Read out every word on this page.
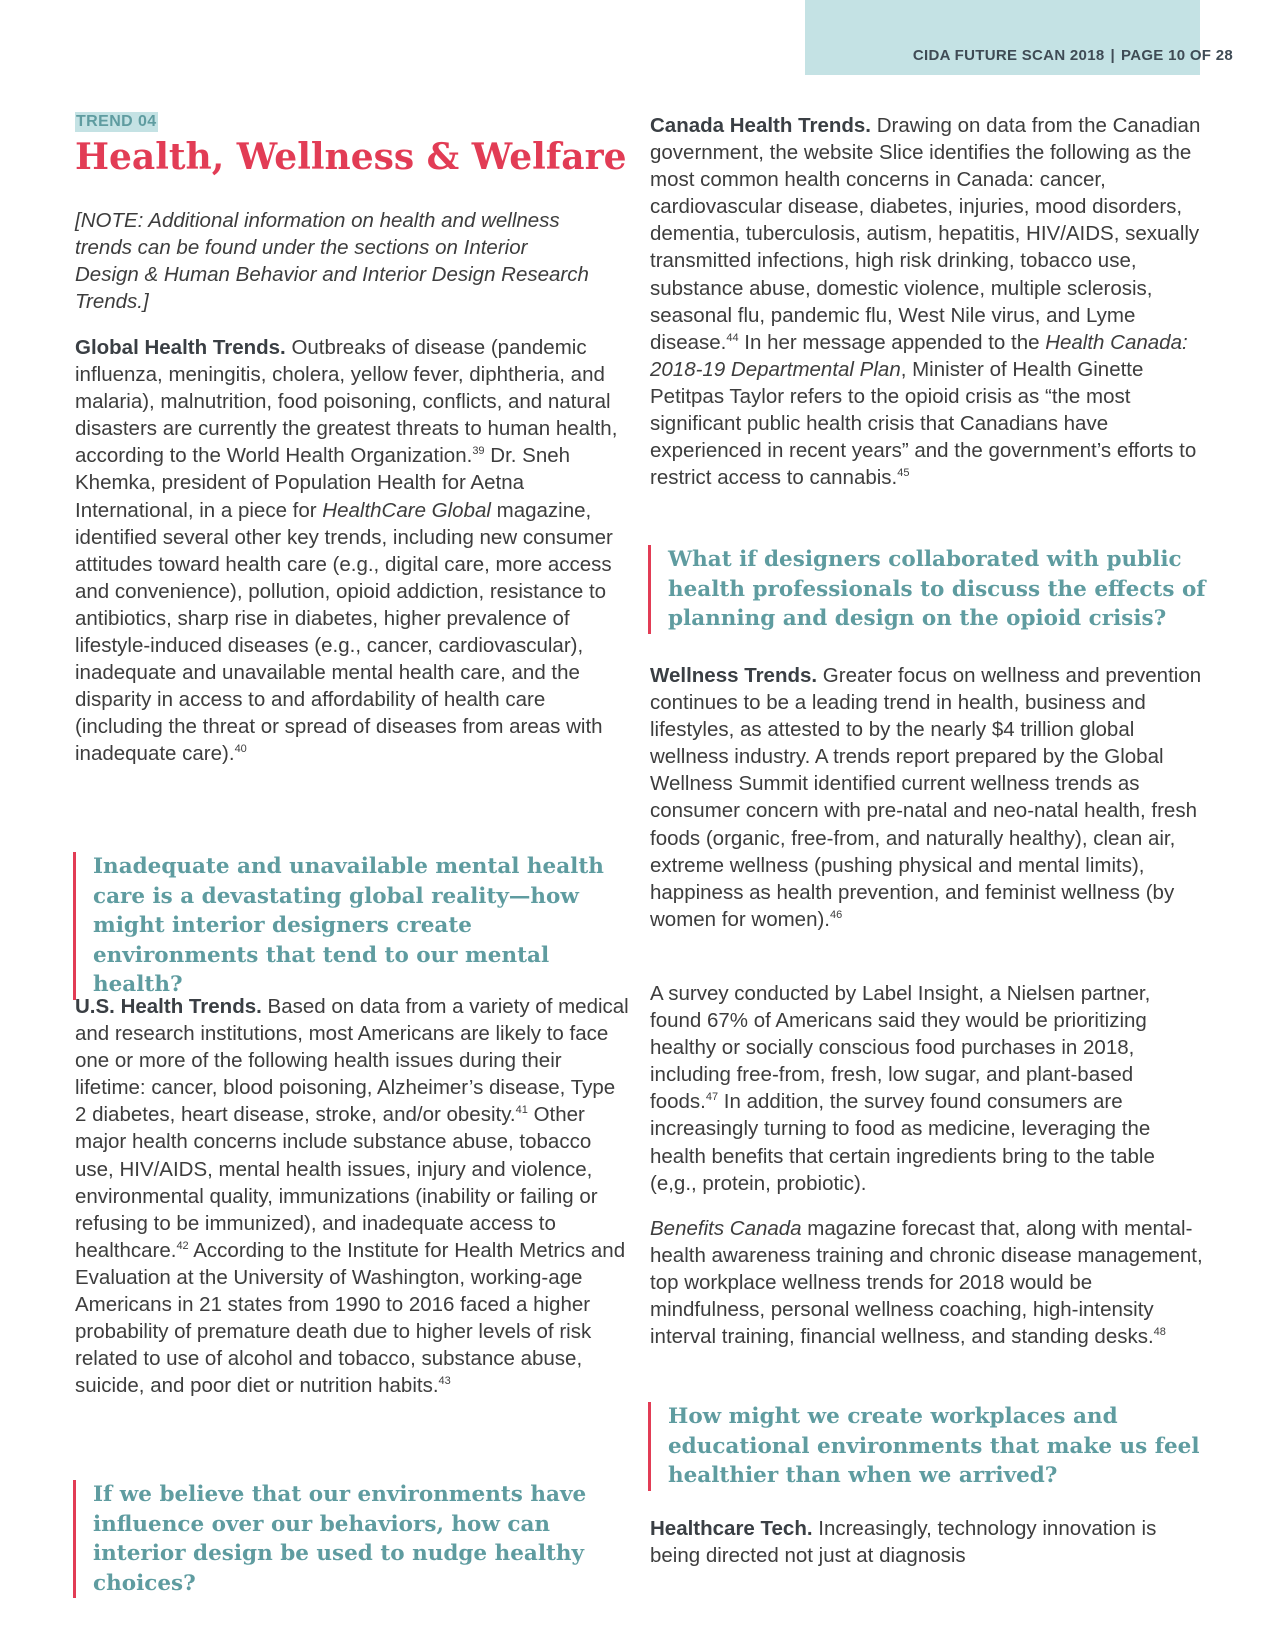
CIDA FUTURE SCAN 2018 | PAGE 10 OF 28
TREND 04
Health, Wellness & Welfare

[NOTE: Additional information on health and wellness trends can be found under the sections on Interior Design & Human Behavior and Interior Design Research Trends.]

Global Health Trends. Outbreaks of disease (pandemic influenza, meningitis, cholera, yellow fever, diphtheria, and malaria), malnutrition, food poisoning, conflicts, and natural disasters are currently the greatest threats to human health, according to the World Health Organization.$^{39}$ Dr. Sneh Khemka, president of Population Health for Aetna International, in a piece for HealthCare Global magazine, identified several other key trends, including new consumer attitudes toward health care (e.g., digital care, more access and convenience), pollution, opioid addiction, resistance to antibiotics, sharp rise in diabetes, higher prevalence of lifestyle-induced diseases (e.g., cancer, cardiovascular), inadequate and unavailable mental health care, and the disparity in access to and affordability of health care (including the threat or spread of diseases from areas with inadequate care).$^{40}$

Inadequate and unavailable mental health care is a devastating global reality—how might interior designers create environments that tend to our mental health?

U.S. Health Trends. Based on data from a variety of medical and research institutions, most Americans are likely to face one or more of the following health issues during their lifetime: cancer, blood poisoning, Alzheimer’s disease, Type 2 diabetes, heart disease, stroke, and/or obesity.$^{41}$ Other major health concerns include substance abuse, tobacco use, HIV/AIDS, mental health issues, injury and violence, environmental quality, immunizations (inability or failing or refusing to be immunized), and inadequate access to healthcare.$^{42}$ According to the Institute for Health Metrics and Evaluation at the University of Washington, working-age Americans in 21 states from 1990 to 2016 faced a higher probability of premature death due to higher levels of risk related to use of alcohol and tobacco, substance abuse, suicide, and poor diet or nutrition habits.$^{43}$

If we believe that our environments have influence over our behaviors, how can interior design be used to nudge healthy choices?

Canada Health Trends. Drawing on data from the Canadian government, the website Slice identifies the following as the most common health concerns in Canada: cancer, cardiovascular disease, diabetes, injuries, mood disorders, dementia, tuberculosis, autism, hepatitis, HIV/AIDS, sexually transmitted infections, high risk drinking, tobacco use, substance abuse, domestic violence, multiple sclerosis, seasonal flu, pandemic flu, West Nile virus, and Lyme disease.$^{44}$ In her message appended to the Health Canada: 2018-19 Departmental Plan, Minister of Health Ginette Petitpas Taylor refers to the opioid crisis as “the most significant public health crisis that Canadians have experienced in recent years” and the government’s efforts to restrict access to cannabis.$^{45}$

What if designers collaborated with public health professionals to discuss the effects of planning and design on the opioid crisis?

Wellness Trends. Greater focus on wellness and prevention continues to be a leading trend in health, business and lifestyles, as attested to by the nearly $4 trillion global wellness industry. A trends report prepared by the Global Wellness Summit identified current wellness trends as consumer concern with pre-natal and neo-natal health, fresh foods (organic, free-from, and naturally healthy), clean air, extreme wellness (pushing physical and mental limits), happiness as health prevention, and feminist wellness (by women for women).$^{46}$

A survey conducted by Label Insight, a Nielsen partner, found 67% of Americans said they would be prioritizing healthy or socially conscious food purchases in 2018, including free-from, fresh, low sugar, and plant-based foods.$^{47}$ In addition, the survey found consumers are increasingly turning to food as medicine, leveraging the health benefits that certain ingredients bring to the table (e,g., protein, probiotic).

Benefits Canada magazine forecast that, along with mental-health awareness training and chronic disease management, top workplace wellness trends for 2018 would be mindfulness, personal wellness coaching, high-intensity interval training, financial wellness, and standing desks.$^{48}$

How might we create workplaces and educational environments that make us feel healthier than when we arrived?

Healthcare Tech. Increasingly, technology innovation is being directed not just at diagnosis
